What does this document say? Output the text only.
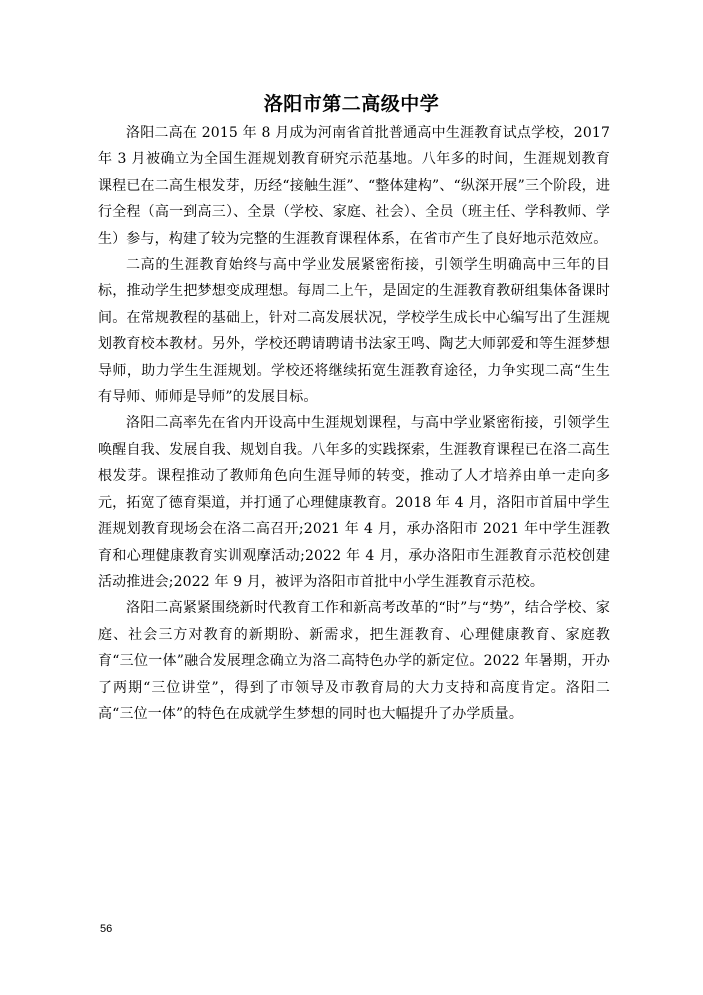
洛阳市第二高级中学

洛阳二高在 2015 年 8 月成为河南省首批普通高中生涯教育试点学校，2017 年 3 月被确立为全国生涯规划教育研究示范基地。八年多的时间，生涯规划教育课程已在二高生根发芽，历经“接触生涯”、“整体建构”、“纵深开展”三个阶段，进行全程（高一到高三）、全景（学校、家庭、社会）、全员（班主任、学科教师、学生）参与，构建了较为完整的生涯教育课程体系，在省市产生了良好地示范效应。

二高的生涯教育始终与高中学业发展紧密衔接，引领学生明确高中三年的目标，推动学生把梦想变成理想。每周二上午，是固定的生涯教育教研组集体备课时间。在常规教程的基础上，针对二高发展状况，学校学生成长中心编写出了生涯规划教育校本教材。另外，学校还聘请聘请书法家王鸣、陶艺大师郭爱和等生涯梦想导师，助力学生生涯规划。学校还将继续拓宽生涯教育途径，力争实现二高“生生有导师、师师是导师”的发展目标。

洛阳二高率先在省内开设高中生涯规划课程，与高中学业紧密衔接，引领学生唤醒自我、发展自我、规划自我。八年多的实践探索，生涯教育课程已在洛二高生根发芽。课程推动了教师角色向生涯导师的转变，推动了人才培养由单一走向多元，拓宽了德育渠道，并打通了心理健康教育。2018 年 4 月，洛阳市首届中学生涯规划教育现场会在洛二高召开;2021 年 4 月，承办洛阳市 2021 年中学生涯教育和心理健康教育实训观摩活动;2022 年 4 月，承办洛阳市生涯教育示范校创建活动推进会;2022 年 9 月，被评为洛阳市首批中小学生涯教育示范校。

洛阳二高紧紧围绕新时代教育工作和新高考改革的“时”与“势”，结合学校、家庭、社会三方对教育的新期盼、新需求，把生涯教育、心理健康教育、家庭教育“三位一体”融合发展理念确立为洛二高特色办学的新定位。2022 年暑期，开办了两期“三位讲堂”，得到了市领导及市教育局的大力支持和高度肯定。洛阳二高“三位一体”的特色在成就学生梦想的同时也大幅提升了办学质量。

56
